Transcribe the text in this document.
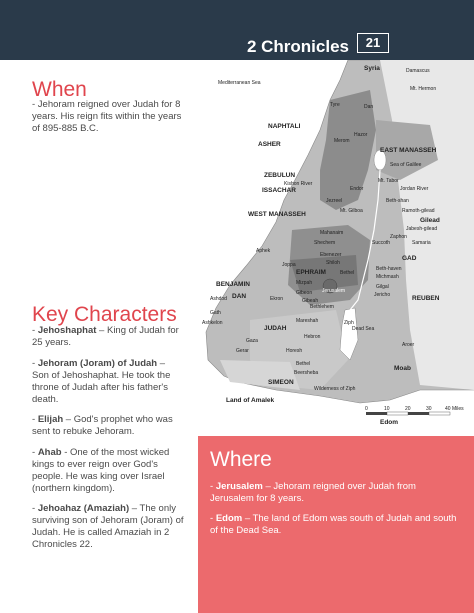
2 Chronicles	21
When

- Jehoram reigned over Judah for 8 years. His reign fits within the years of 895-885 B.C.

Key Characters

- Jehoshaphat – King of Judah for 25 years.

- Jehoram (Joram) of Judah – Son of Jehoshaphat. He took the throne of Judah after his father's death.

- Elijah – God's prophet who was sent to rebuke Jehoram.

- Ahab - One of the most wicked kings to ever reign over God's people. He was king over Israel (northern kingdom).

- Jehoahaz (Amaziah) – The only surviving son of Jehoram (Joram) of Judah. He is called Amaziah in 2 Chronicles 22.

Mediterranean Sea
Syria	Damascus
Mt. Hermon
Dan
Tyre
NAPHTALI
Hazor
ASHER	Merom
EAST MANASSEH
Sea of Galilee
ZEBULUN
Mt. Tabor
Kishon River
ISSACHAR	Jordan River
Endor
Beth-shan
Jezreel
Mt. Gilboa	Ramoth-gilead
WEST MANASSEH
Gilead
Jabesh-gilead
Zaphon
Mahanaim
Succoth	Samaria
Shechem
Aphek
Ebenezer	GAD
Shiloh
Joppa
EPHRAIM	Bethel
Beth-haven
Michmash
BENJAMIN	Gilgal
Mizpah
Jericho
DAN	Gibeon
Gibeah
Jerusalem
Ashdod	Ekron
Gath
REUBEN
Bethlehem
Ashkelon	Mareshah	Ziph
JUDAH	Dead Sea
Hebron
Gaza
Gerar
Aroer
Horesh
Bethel
Beersheba
SIMEON
Moab
Wilderness of Ziph
Land of Amalek
Edom
0	10	20	30	40 Miles
Where

- Jerusalem – Jehoram reigned over Judah from Jerusalem for 8 years.

- Edom – The land of Edom was south of Judah and south of the Dead Sea.
